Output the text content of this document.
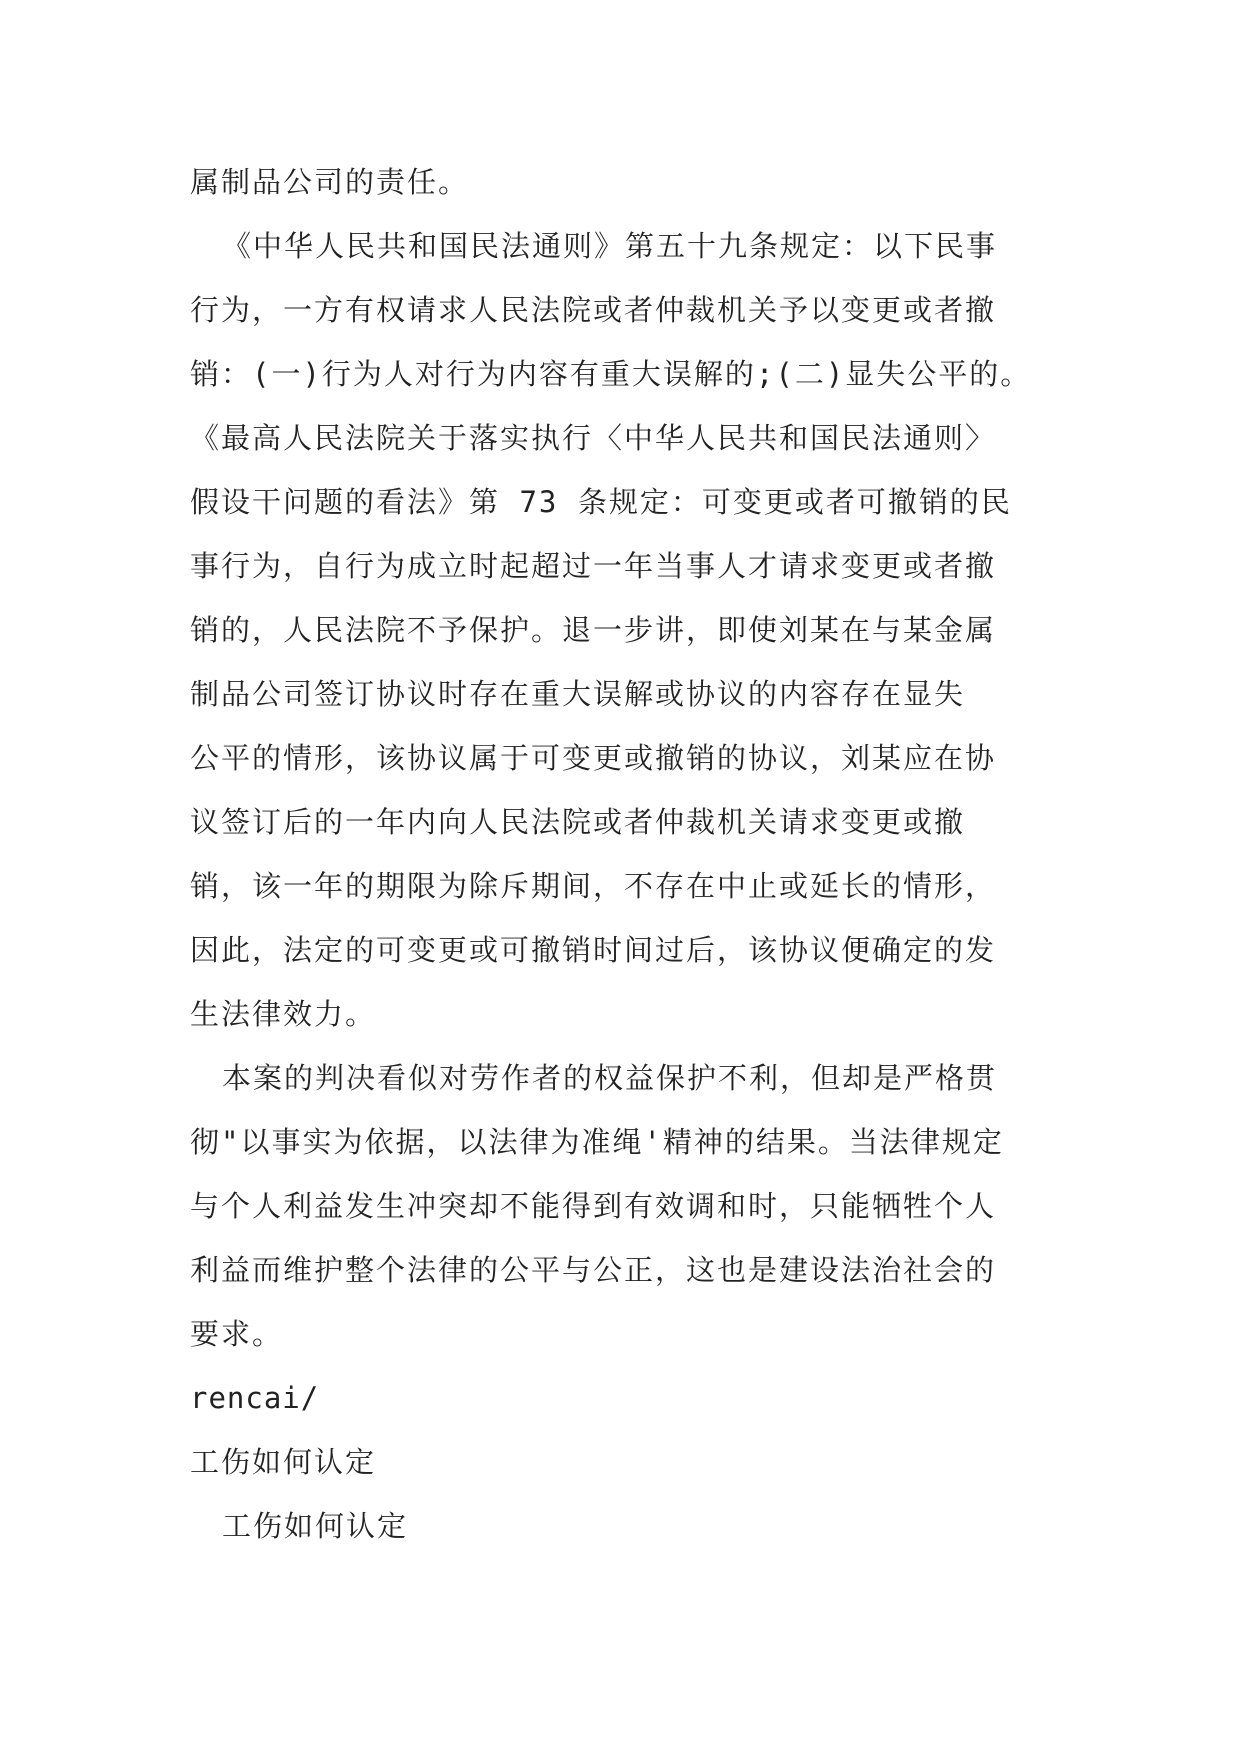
属制品公司的责任。
《中华人民共和国民法通则》第五十九条规定：以下民事
行为，一方有权请求人民法院或者仲裁机关予以变更或者撤
销：(一)行为人对行为内容有重大误解的;(二)显失公平的。
《最高人民法院关于落实执行〈中华人民共和国民法通则〉
假设干问题的看法》第 73 条规定：可变更或者可撤销的民
事行为，自行为成立时起超过一年当事人才请求变更或者撤
销的，人民法院不予保护。退一步讲，即使刘某在与某金属
制品公司签订协议时存在重大误解或协议的内容存在显失
公平的情形，该协议属于可变更或撤销的协议，刘某应在协
议签订后的一年内向人民法院或者仲裁机关请求变更或撤
销，该一年的期限为除斥期间，不存在中止或延长的情形，
因此，法定的可变更或可撤销时间过后，该协议便确定的发
生法律效力。
本案的判决看似对劳作者的权益保护不利，但却是严格贯
彻"以事实为依据，以法律为准绳'精神的结果。当法律规定
与个人利益发生冲突却不能得到有效调和时，只能牺牲个人
利益而维护整个法律的公平与公正，这也是建设法治社会的
要求。
rencai/
工伤如何认定
工伤如何认定
